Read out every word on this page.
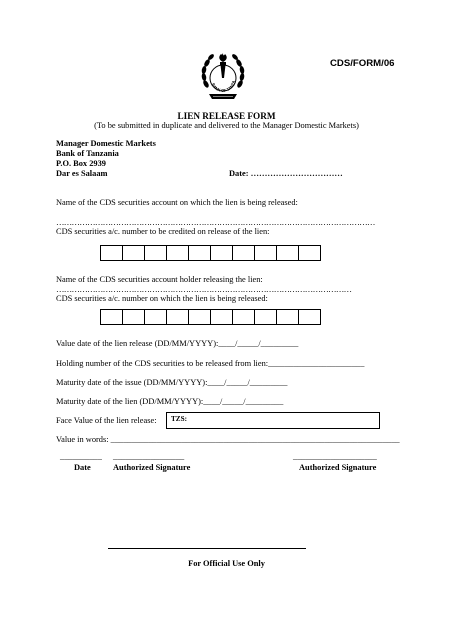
CDS/FORM/06
BANK OF TANZA
LIEN RELEASE FORM
(To be submitted in duplicate and delivered to the Manager Domestic Markets)
Manager Domestic Markets
Bank of Tanzania
P.O. Box 2939
Dar es Salaam	Date: ……………………………
Name of the CDS securities account on which the lien is being released:
……………………………………………………………………………………………………………
CDS securities a/c. number to be credited on release of the lien:
Name of the CDS securities account holder releasing the lien:
……………………………………………………………………………………………………
CDS securities a/c. number on which the lien is being released:
Value date of the lien release (DD/MM/YYYY):____/_____/_________
Holding number of the CDS securities to be released from lien:_______________________
Maturity date of the issue (DD/MM/YYYY):____/_____/_________
Maturity date of the lien (DD/MM/YYYY):____/_____/_________
Face Value of the lien release: TZS:
Value in words: _____________________________________________________________________
__________ _________________	____________________
Date	Authorized Signature	Authorized Signature
For Official Use Only
